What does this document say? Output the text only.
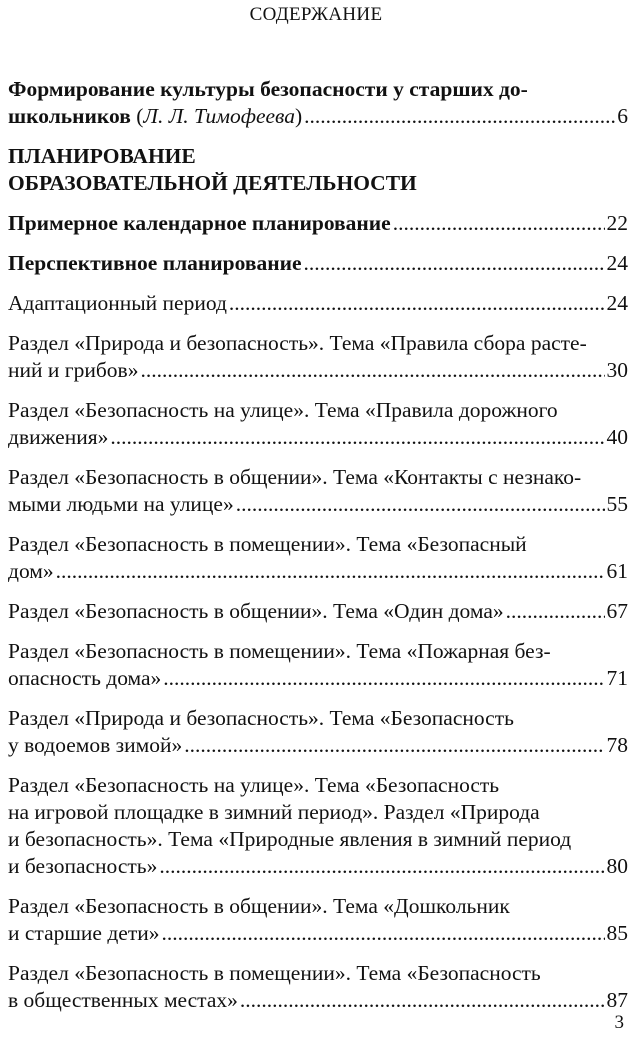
СОДЕРЖАНИЕ
Формирование культуры безопасности у старших до-
школьников (Л. Л. Тимофеева) .....	6
ПЛАНИРОВАНИЕ
ОБРАЗОВАТЕЛЬНОЙ ДЕЯТЕЛЬНОСТИ
Примерное календарное планирование .....	22
Перспективное планирование .....	24
Адаптационный период .....	24
Раздел «Природа и безопасность». Тема «Правила сбора расте-
ний и грибов» .....	30
Раздел «Безопасность на улице». Тема «Правила дорожного
движения» .....	40
Раздел «Безопасность в общении». Тема «Контакты с незнако-
мыми людьми на улице» .....	55
Раздел «Безопасность в помещении». Тема «Безопасный
дом» .....	61
Раздел «Безопасность в общении». Тема «Один дома» .....	67
Раздел «Безопасность в помещении». Тема «Пожарная без-
опасность дома» .....	71
Раздел «Природа и безопасность». Тема «Безопасность
у водоемов зимой» .....	78
Раздел «Безопасность на улице». Тема «Безопасность
на игровой площадке в зимний период». Раздел «Природа
и безопасность». Тема «Природные явления в зимний период
и безопасность» .....	80
Раздел «Безопасность в общении». Тема «Дошкольник
и старшие дети» .....	85
Раздел «Безопасность в помещении». Тема «Безопасность
в общественных местах» .....	87
3
